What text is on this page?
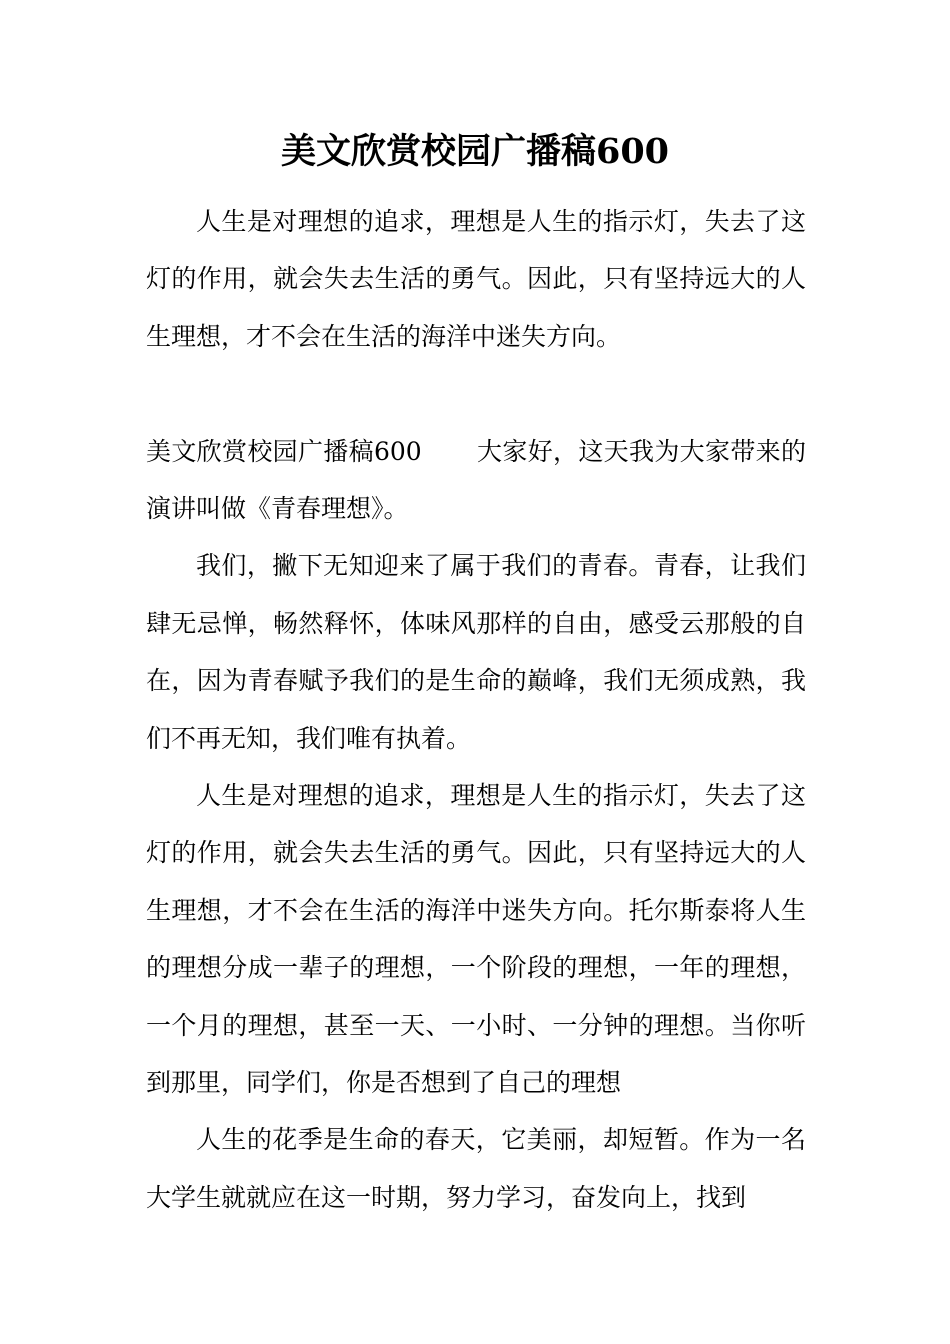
美文欣赏校园广播稿600

人生是对理想的追求，理想是人生的指示灯，失去了这灯的作用，就会失去生活的勇气。因此，只有坚持远大的人生理想，才不会在生活的海洋中迷失方向。

美文欣赏校园广播稿600 大家好，这天我为大家带来的演讲叫做《青春理想》。

我们，撇下无知迎来了属于我们的青春。青春，让我们肆无忌惮，畅然释怀，体味风那样的自由，感受云那般的自在，因为青春赋予我们的是生命的巅峰，我们无须成熟，我们不再无知，我们唯有执着。

人生是对理想的追求，理想是人生的指示灯，失去了这灯的作用，就会失去生活的勇气。因此，只有坚持远大的人生理想，才不会在生活的海洋中迷失方向。托尔斯泰将人生的理想分成一辈子的理想，一个阶段的理想，一年的理想，一个月的理想，甚至一天、一小时、一分钟的理想。当你听到那里，同学们，你是否想到了自己的理想

人生的花季是生命的春天，它美丽，却短暂。作为一名大学生就就应在这一时期，努力学习，奋发向上，找到
